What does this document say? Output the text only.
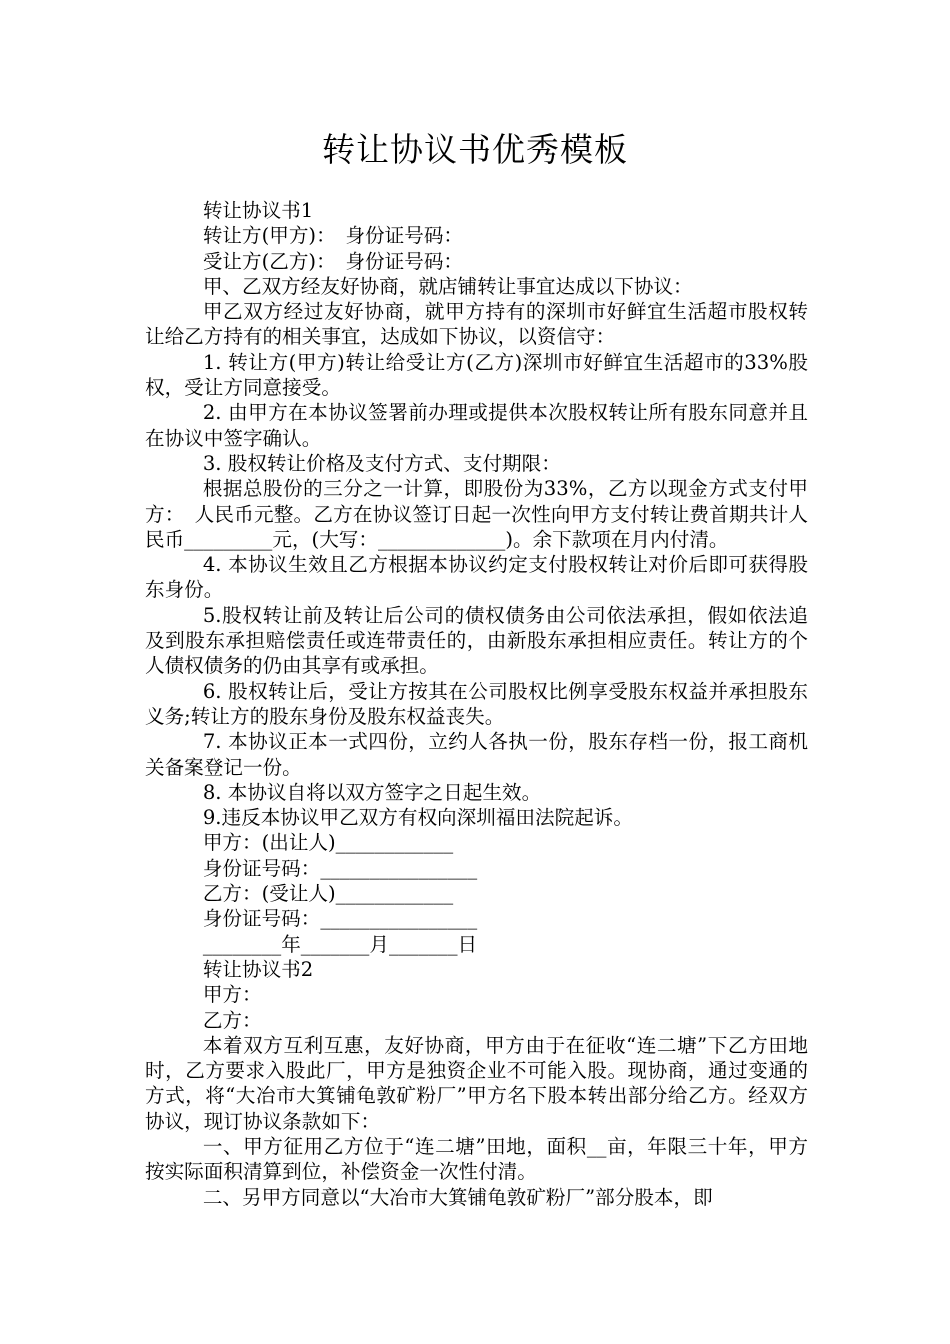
转让协议书优秀模板

转让协议书1

转让方(甲方)：　身份证号码：

受让方(乙方)：　身份证号码：

甲、乙双方经友好协商，就店铺转让事宜达成以下协议：

甲乙双方经过友好协商，就甲方持有的深圳市好鲜宜生活超市股权转让给乙方持有的相关事宜，达成如下协议，以资信守：

1. 转让方(甲方)转让给受让方(乙方)深圳市好鲜宜生活超市的33%股权，受让方同意接受。

2. 由甲方在本协议签署前办理或提供本次股权转让所有股东同意并且在协议中签字确认。

3. 股权转让价格及支付方式、支付期限：

根据总股份的三分之一计算，即股份为33%，乙方以现金方式支付甲方：　人民币元整。乙方在协议签订日起一次性向甲方支付转让费首期共计人民币_________元，(大写：_____________)。余下款项在月内付清。

4. 本协议生效且乙方根据本协议约定支付股权转让对价后即可获得股东身份。

5.股权转让前及转让后公司的债权债务由公司依法承担，假如依法追及到股东承担赔偿责任或连带责任的，由新股东承担相应责任。转让方的个人债权债务的仍由其享有或承担。

6. 股权转让后，受让方按其在公司股权比例享受股东权益并承担股东义务;转让方的股东身份及股东权益丧失。

7. 本协议正本一式四份，立约人各执一份，股东存档一份，报工商机关备案登记一份。

8. 本协议自将以双方签字之日起生效。

9.违反本协议甲乙双方有权向深圳福田法院起诉。

甲方：(出让人)____________

身份证号码：________________

乙方：(受让人)____________

身份证号码：________________

________年_______月_______日

转让协议书2

甲方：

乙方：

本着双方互利互惠，友好协商，甲方由于在征收“连二塘”下乙方田地时，乙方要求入股此厂，甲方是独资企业不可能入股。现协商，通过变通的方式，将“大冶市大箕铺龟敦矿粉厂”甲方名下股本转出部分给乙方。经双方协议，现订协议条款如下：

一、甲方征用乙方位于“连二塘”田地，面积__亩，年限三十年，甲方按实际面积清算到位，补偿资金一次性付清。

二、另甲方同意以“大冶市大箕铺龟敦矿粉厂”部分股本，即
